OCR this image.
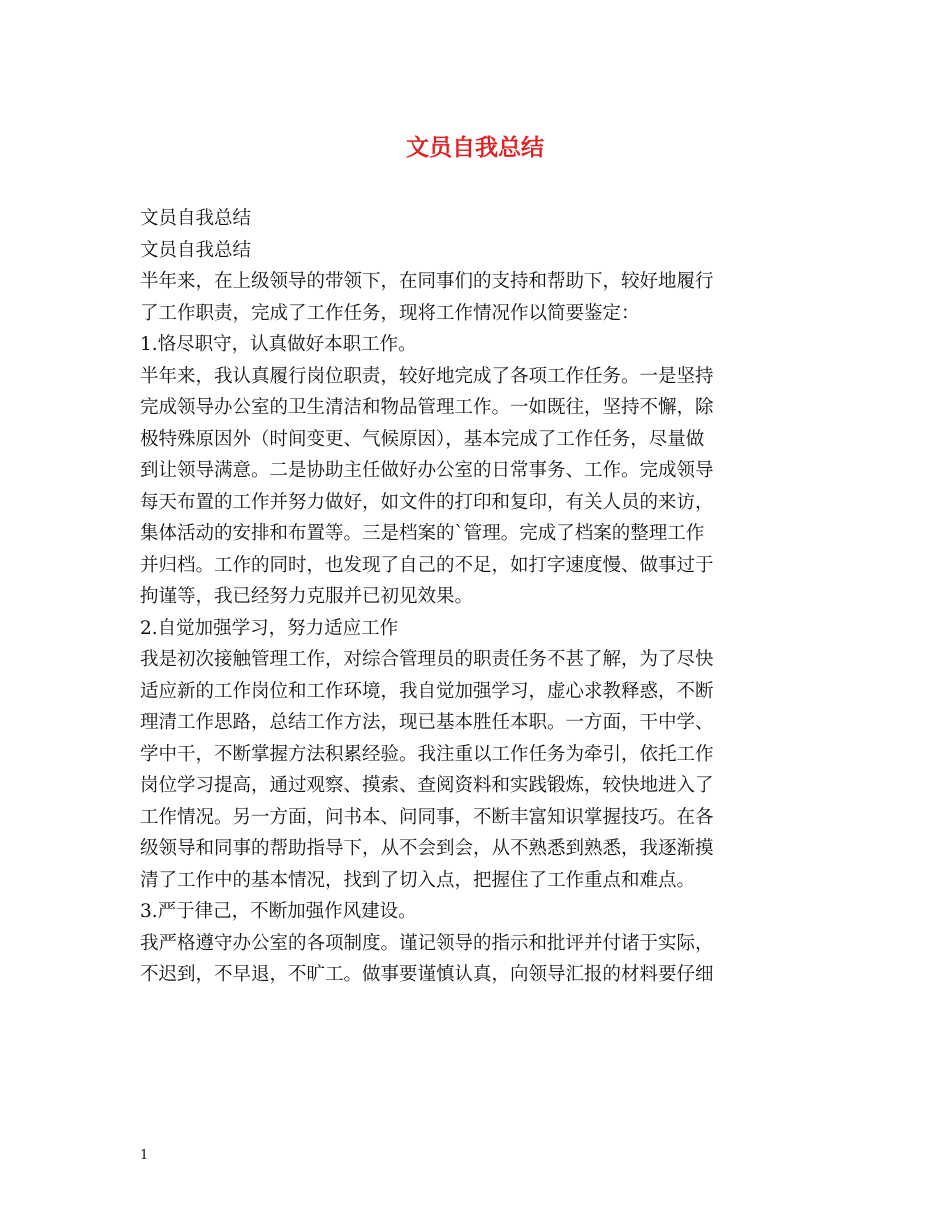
文员自我总结
文员自我总结
文员自我总结
半年来，在上级领导的带领下，在同事们的支持和帮助下，较好地履行
了工作职责，完成了工作任务，现将工作情况作以简要鉴定：
1.恪尽职守，认真做好本职工作。
半年来，我认真履行岗位职责，较好地完成了各项工作任务。一是坚持
完成领导办公室的卫生清洁和物品管理工作。一如既往，坚持不懈，除
极特殊原因外（时间变更、气候原因），基本完成了工作任务，尽量做
到让领导满意。二是协助主任做好办公室的日常事务、工作。完成领导
每天布置的工作并努力做好，如文件的打印和复印，有关人员的来访，
集体活动的安排和布置等。三是档案的`管理。完成了档案的整理工作
并归档。工作的同时，也发现了自己的不足，如打字速度慢、做事过于
拘谨等，我已经努力克服并已初见效果。
2.自觉加强学习，努力适应工作
我是初次接触管理工作，对综合管理员的职责任务不甚了解，为了尽快
适应新的工作岗位和工作环境，我自觉加强学习，虚心求教释惑，不断
理清工作思路，总结工作方法，现已基本胜任本职。一方面，干中学、
学中干，不断掌握方法积累经验。我注重以工作任务为牵引，依托工作
岗位学习提高，通过观察、摸索、查阅资料和实践锻炼，较快地进入了
工作情况。另一方面，问书本、问同事，不断丰富知识掌握技巧。在各
级领导和同事的帮助指导下，从不会到会，从不熟悉到熟悉，我逐渐摸
清了工作中的基本情况，找到了切入点，把握住了工作重点和难点。
3.严于律己，不断加强作风建设。
我严格遵守办公室的各项制度。谨记领导的指示和批评并付诸于实际，
不迟到，不早退，不旷工。做事要谨慎认真，向领导汇报的材料要仔细
1
